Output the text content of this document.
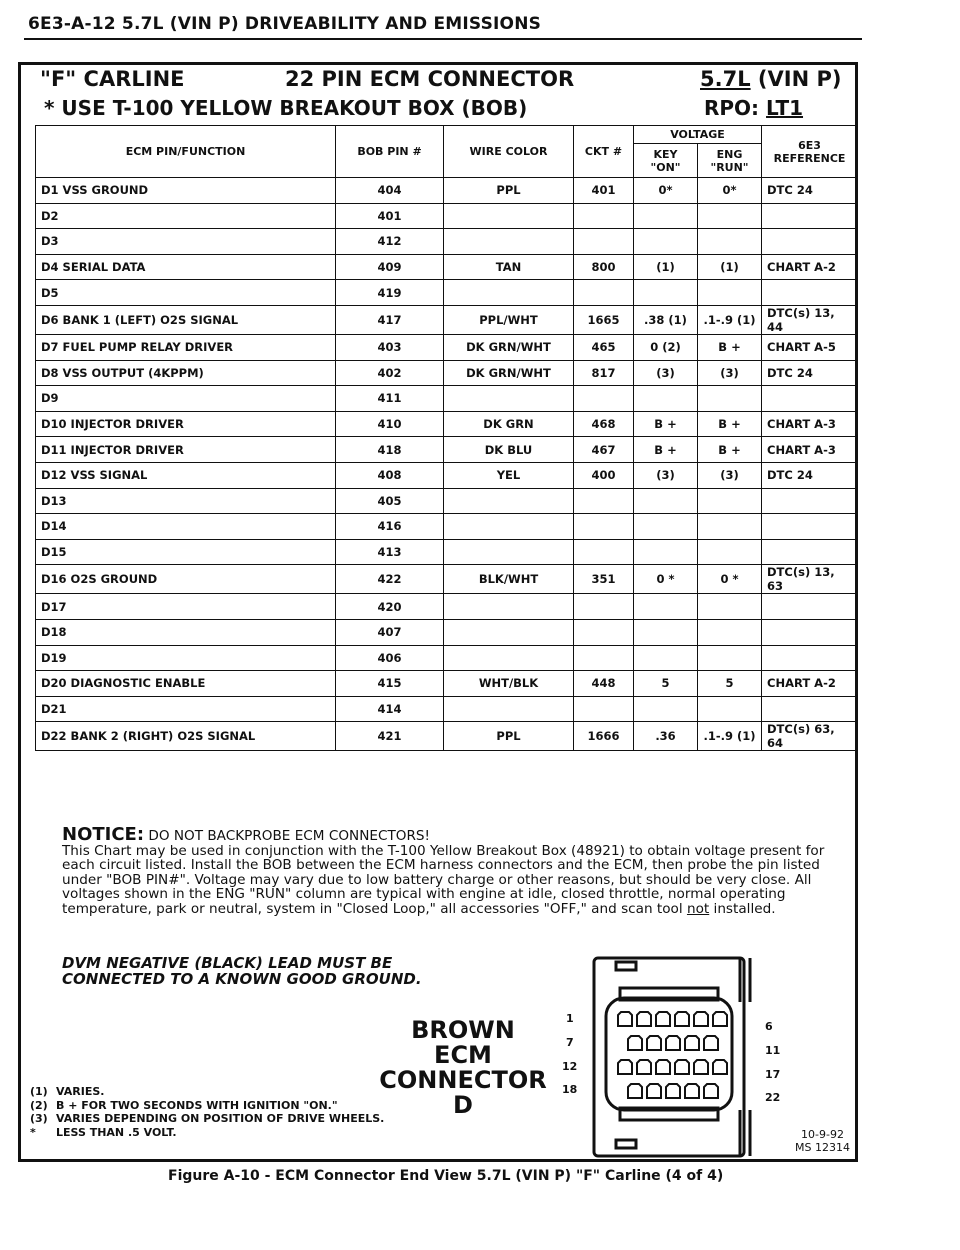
6E3-A-12 5.7L (VIN P) DRIVEABILITY AND EMISSIONS
"F" CARLINE	22 PIN ECM CONNECTOR	5.7L (VIN P)
* USE T-100 YELLOW BREAKOUT BOX (BOB)	RPO: LT1
ECM PIN/FUNCTION	BOB PIN #	WIRE COLOR	CKT #	VOLTAGE		6E3 REFERENCE
				KEY "ON"	ENG "RUN"	
D1 VSS GROUND	404	PPL	401	0*	0*	DTC 24
D2	401					
D3	412					
D4 SERIAL DATA	409	TAN	800	(1)	(1)	CHART A-2
D5	419					
D6 BANK 1 (LEFT) O2S SIGNAL	417	PPL/WHT	1665	.38 (1)	.1-.9 (1)	DTC(s) 13, 44
D7 FUEL PUMP RELAY DRIVER	403	DK GRN/WHT	465	0 (2)	B +	CHART A-5
D8 VSS OUTPUT (4KPPM)	402	DK GRN/WHT	817	(3)	(3)	DTC 24
D9	411					
D10 INJECTOR DRIVER	410	DK GRN	468	B +	B +	CHART A-3
D11 INJECTOR DRIVER	418	DK BLU	467	B +	B +	CHART A-3
D12 VSS SIGNAL	408	YEL	400	(3)	(3)	DTC 24
D13	405					
D14	416					
D15	413					
D16 O2S GROUND	422	BLK/WHT	351	0 *	0 *	DTC(s) 13, 63
D17	420					
D18	407					
D19	406					
D20 DIAGNOSTIC ENABLE	415	WHT/BLK	448	5	5	CHART A-2
D21	414					
D22 BANK 2 (RIGHT) O2S SIGNAL	421	PPL	1666	.36	.1-.9 (1)	DTC(s) 63, 64
NOTICE: DO NOT BACKPROBE ECM CONNECTORS!
This Chart may be used in conjunction with the T-100 Yellow Breakout Box (48921) to obtain voltage present for each circuit listed. Install the BOB between the ECM harness connectors and the ECM, then probe the pin listed under "BOB PIN#". Voltage may vary due to low battery charge or other reasons, but should be very close. All voltages shown in the ENG "RUN" column are typical with engine at idle, closed throttle, normal operating temperature, park or neutral, system in "Closed Loop," all accessories "OFF," and scan tool not installed.
DVM NEGATIVE (BLACK) LEAD MUST BE
CONNECTED TO A KNOWN GOOD GROUND.
BROWN
ECM
CONNECTOR D
1
7
12
18
6
11
17
22
(1) VARIES.
(2) B + FOR TWO SECONDS WITH IGNITION "ON."
(3) VARIES DEPENDING ON POSITION OF DRIVE WHEELS.
* LESS THAN .5 VOLT.	10-9-92
MS 12314
Figure A-10 - ECM Connector End View 5.7L (VIN P) "F" Carline (4 of 4)
